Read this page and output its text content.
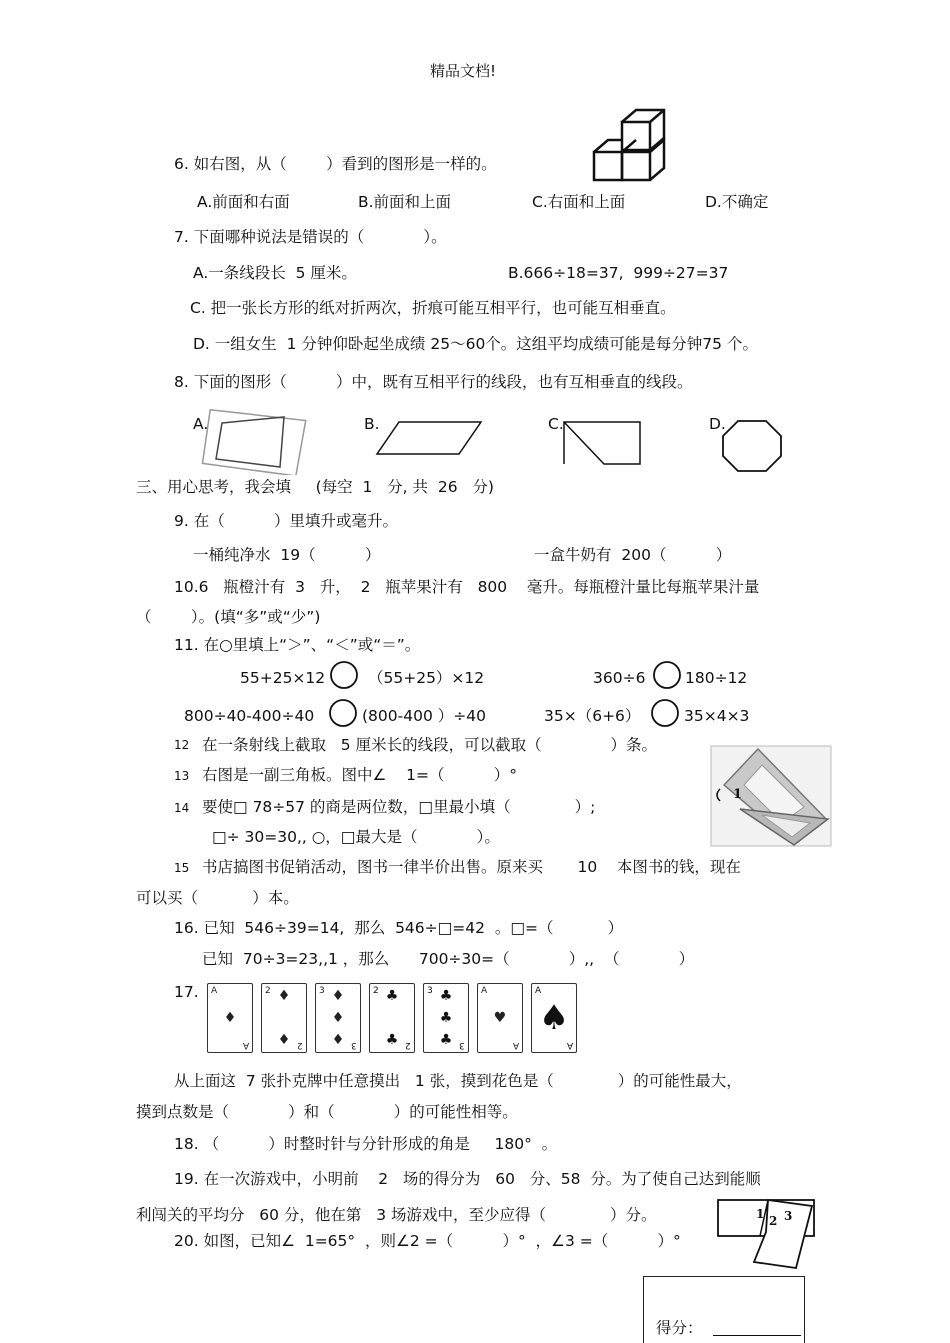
精品文档!
6. 如右图，从（        ）看到的图形是一样的。
A.前面和右面	B.前面和上面	C.右面和上面	D.不确定
7. 下面哪种说法是错误的（            ）。
A.一条线段长  5 厘米。	B.666÷18=37,  999÷27=37
C. 把一张长方形的纸对折两次，折痕可能互相平行，也可能互相垂直。
D. 一组女生  1 分钟仰卧起坐成绩 25～60个。这组平均成绩可能是每分钟75 个。
8. 下面的图形（          ）中，既有互相平行的线段，也有互相垂直的线段。
A.	B.	C.	D.
三、用心思考，我会填     (每空  1   分, 共  26   分)
9. 在（          ）里填升或毫升。
一桶纯净水  19（          ）	一盒牛奶有  200（          ）
10.6   瓶橙汁有  3   升，  2   瓶苹果汁有   800    毫升。每瓶橙汁量比每瓶苹果汁量
（        ）。(填“多”或“少”)
11. 在○里填上“＞”、“＜”或“＝”。
55+25×12	（55+25）×12	360÷6	180÷12
800÷40-400÷40	(800-400 ）÷40	35×（6+6）	35×4×3
12 在一条射线上截取   5 厘米长的线段，可以截取（              ）条。
13 右图是一副三角板。图中∠    1=（          ）°
1
14 要使□ 78÷57 的商是两位数，□里最小填（             ）;
□÷ 30=30,, ○，□最大是（            ）。
15 书店搞图书促销活动，图书一律半价出售。原来买       10    本图书的钱，现在
可以买（           ）本。
16. 已知  546÷39=14,  那么  546÷□=42  。□=（           ）
已知  70÷3=23,,1 ，那么      700÷30=（            ）,,  （            ）
17. A
A
♦
2
2
♦
♦
3
3
♦
♦
♦
2
2
♣
♣
3
3
♣
♣
♣
A
A
♥
A
A
♠
从上面这  7 张扑克牌中任意摸出   1 张，摸到花色是（             ）的可能性最大，
摸到点数是（            ）和（            ）的可能性相等。
18. （          ）时整时针与分针形成的角是     180°  。
19. 在一次游戏中，小明前    2   场的得分为   60   分、58  分。为了使自己达到能顺
利闯关的平均分   60 分，他在第   3 场游戏中，至少应得（             ）分。
20. 如图，已知∠  1=65°  ，则∠2 =（          ）°  ，∠3 =（          ）°
1 2 3
得分：
